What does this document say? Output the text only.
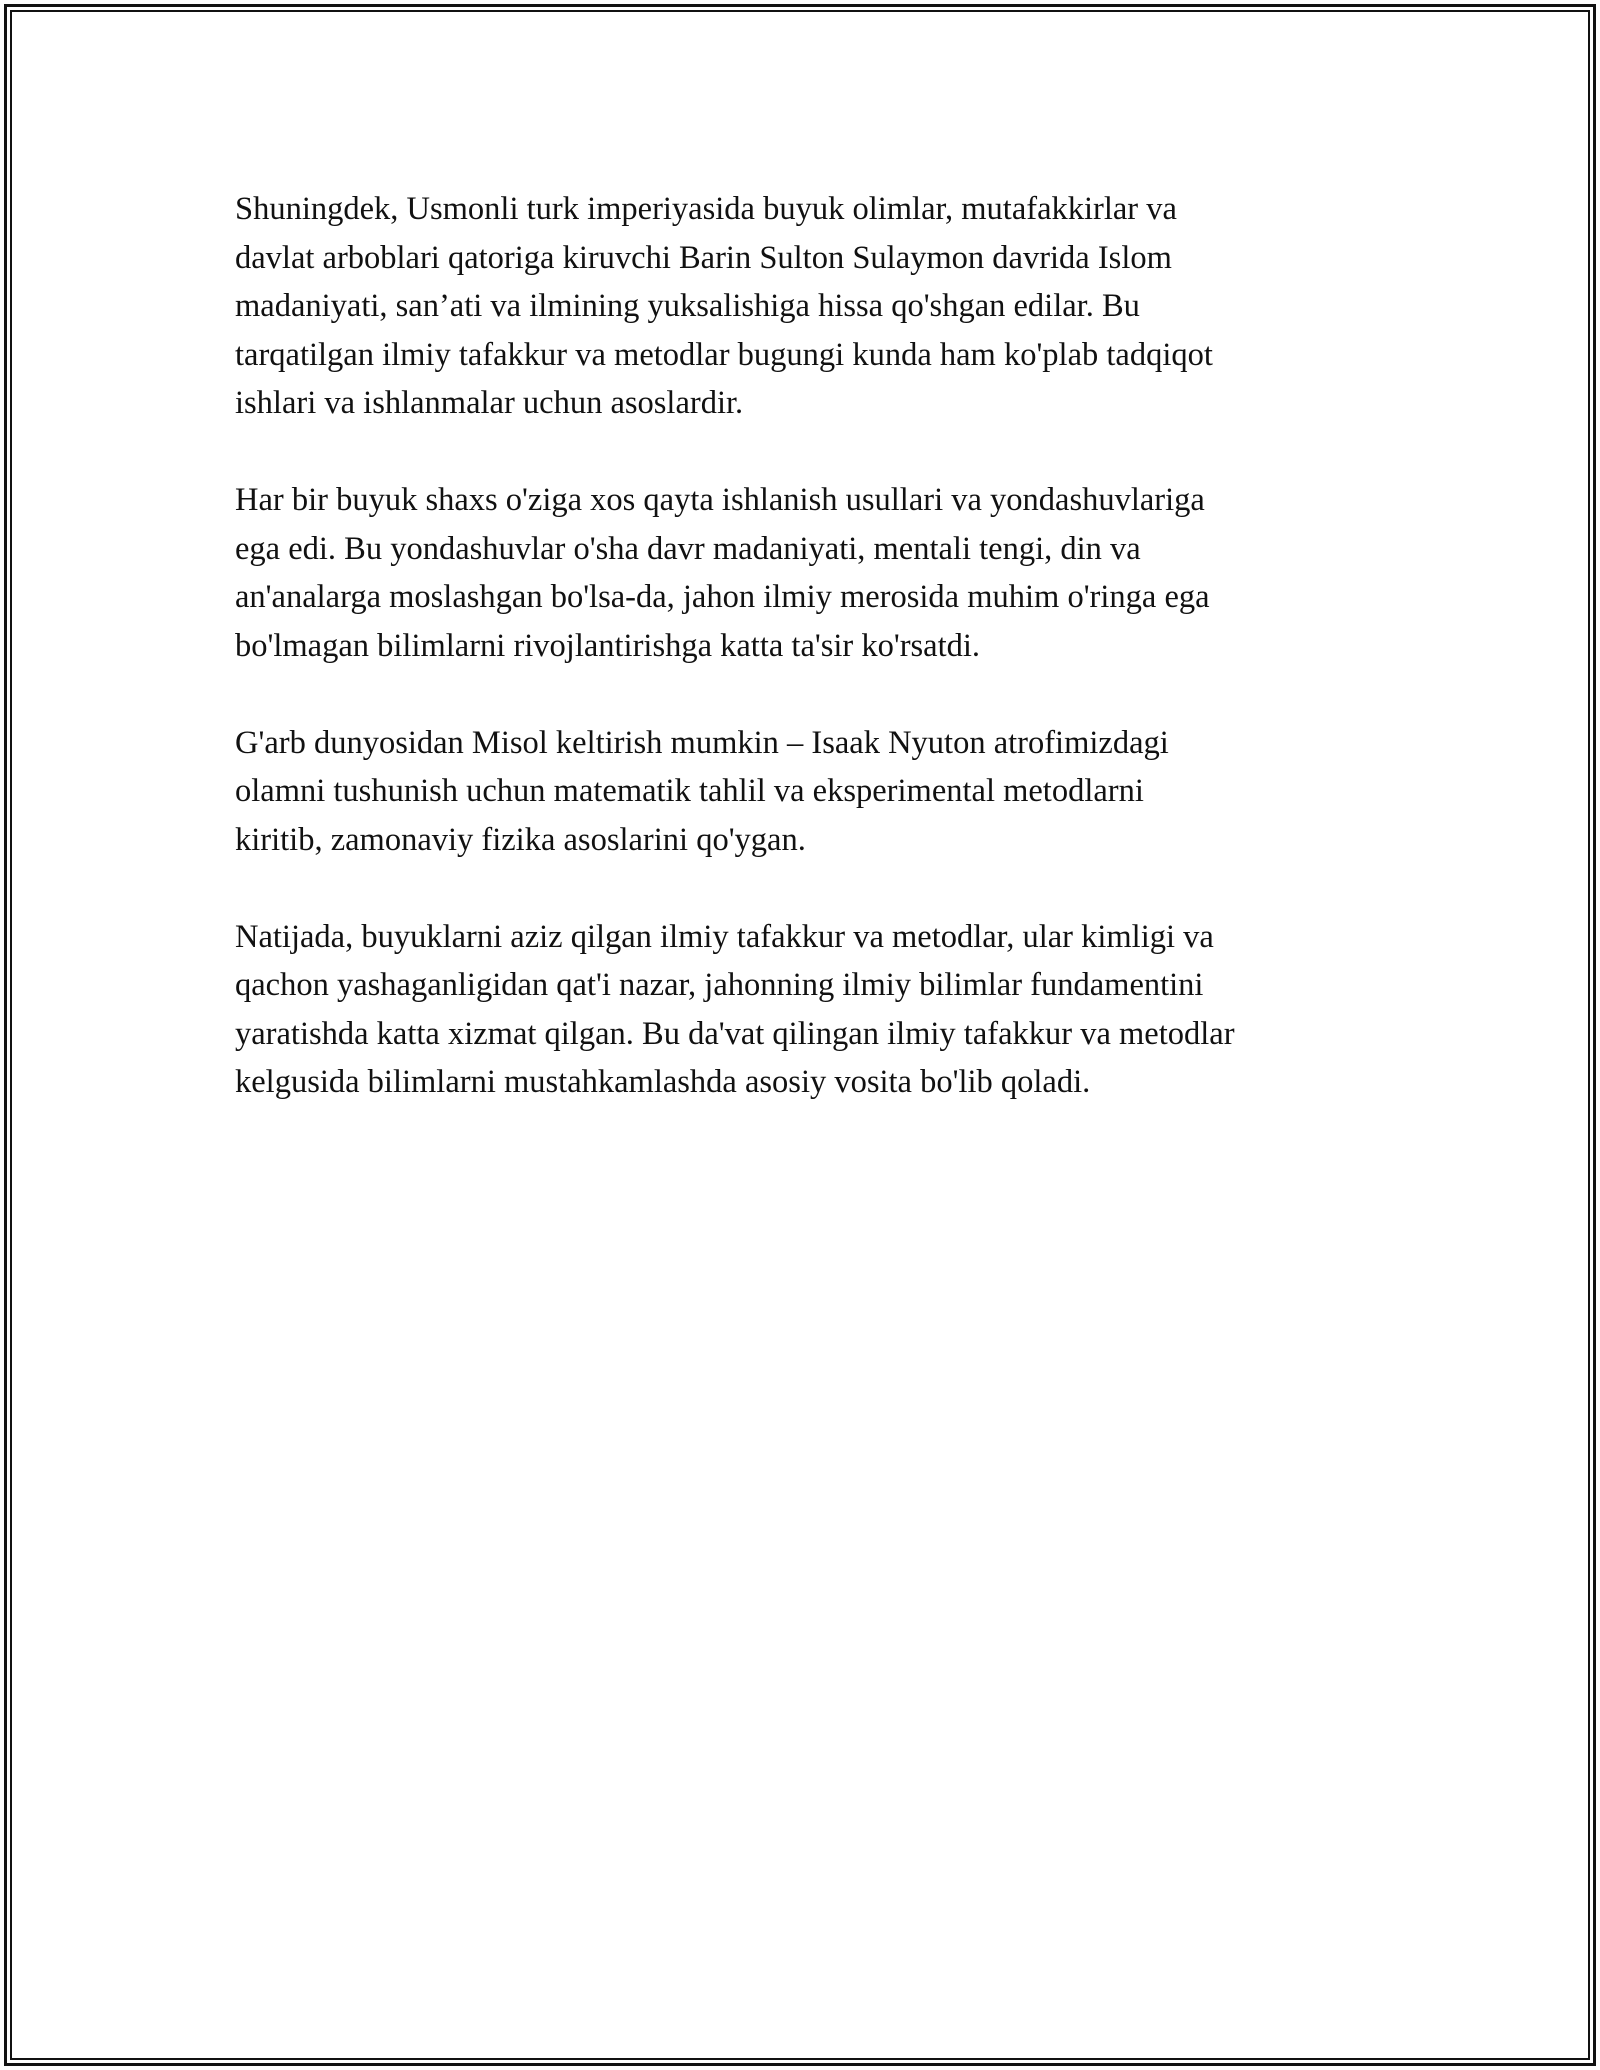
Shuningdek, Usmonli turk imperiyasida buyuk olimlar, mutafakkirlar va
davlat arboblari qatoriga kiruvchi Barin Sulton Sulaymon davrida Islom
madaniyati, san’ati va ilmining yuksalishiga hissa qo'shgan edilar. Bu
tarqatilgan ilmiy tafakkur va metodlar bugungi kunda ham ko'plab tadqiqot
ishlari va ishlanmalar uchun asoslardir.

Har bir buyuk shaxs o'ziga xos qayta ishlanish usullari va yondashuvlariga
ega edi. Bu yondashuvlar o'sha davr madaniyati, mentali tengi, din va
an'analarga moslashgan bo'lsa-da, jahon ilmiy merosida muhim o'ringa ega
bo'lmagan bilimlarni rivojlantirishga katta ta'sir ko'rsatdi.

G'arb dunyosidan Misol keltirish mumkin – Isaak Nyuton atrofimizdagi
olamni tushunish uchun matematik tahlil va eksperimental metodlarni
kiritib, zamonaviy fizika asoslarini qo'ygan.

Natijada, buyuklarni aziz qilgan ilmiy tafakkur va metodlar, ular kimligi va
qachon yashaganligidan qat'i nazar, jahonning ilmiy bilimlar fundamentini
yaratishda katta xizmat qilgan. Bu da'vat qilingan ilmiy tafakkur va metodlar
kelgusida bilimlarni mustahkamlashda asosiy vosita bo'lib qoladi.
